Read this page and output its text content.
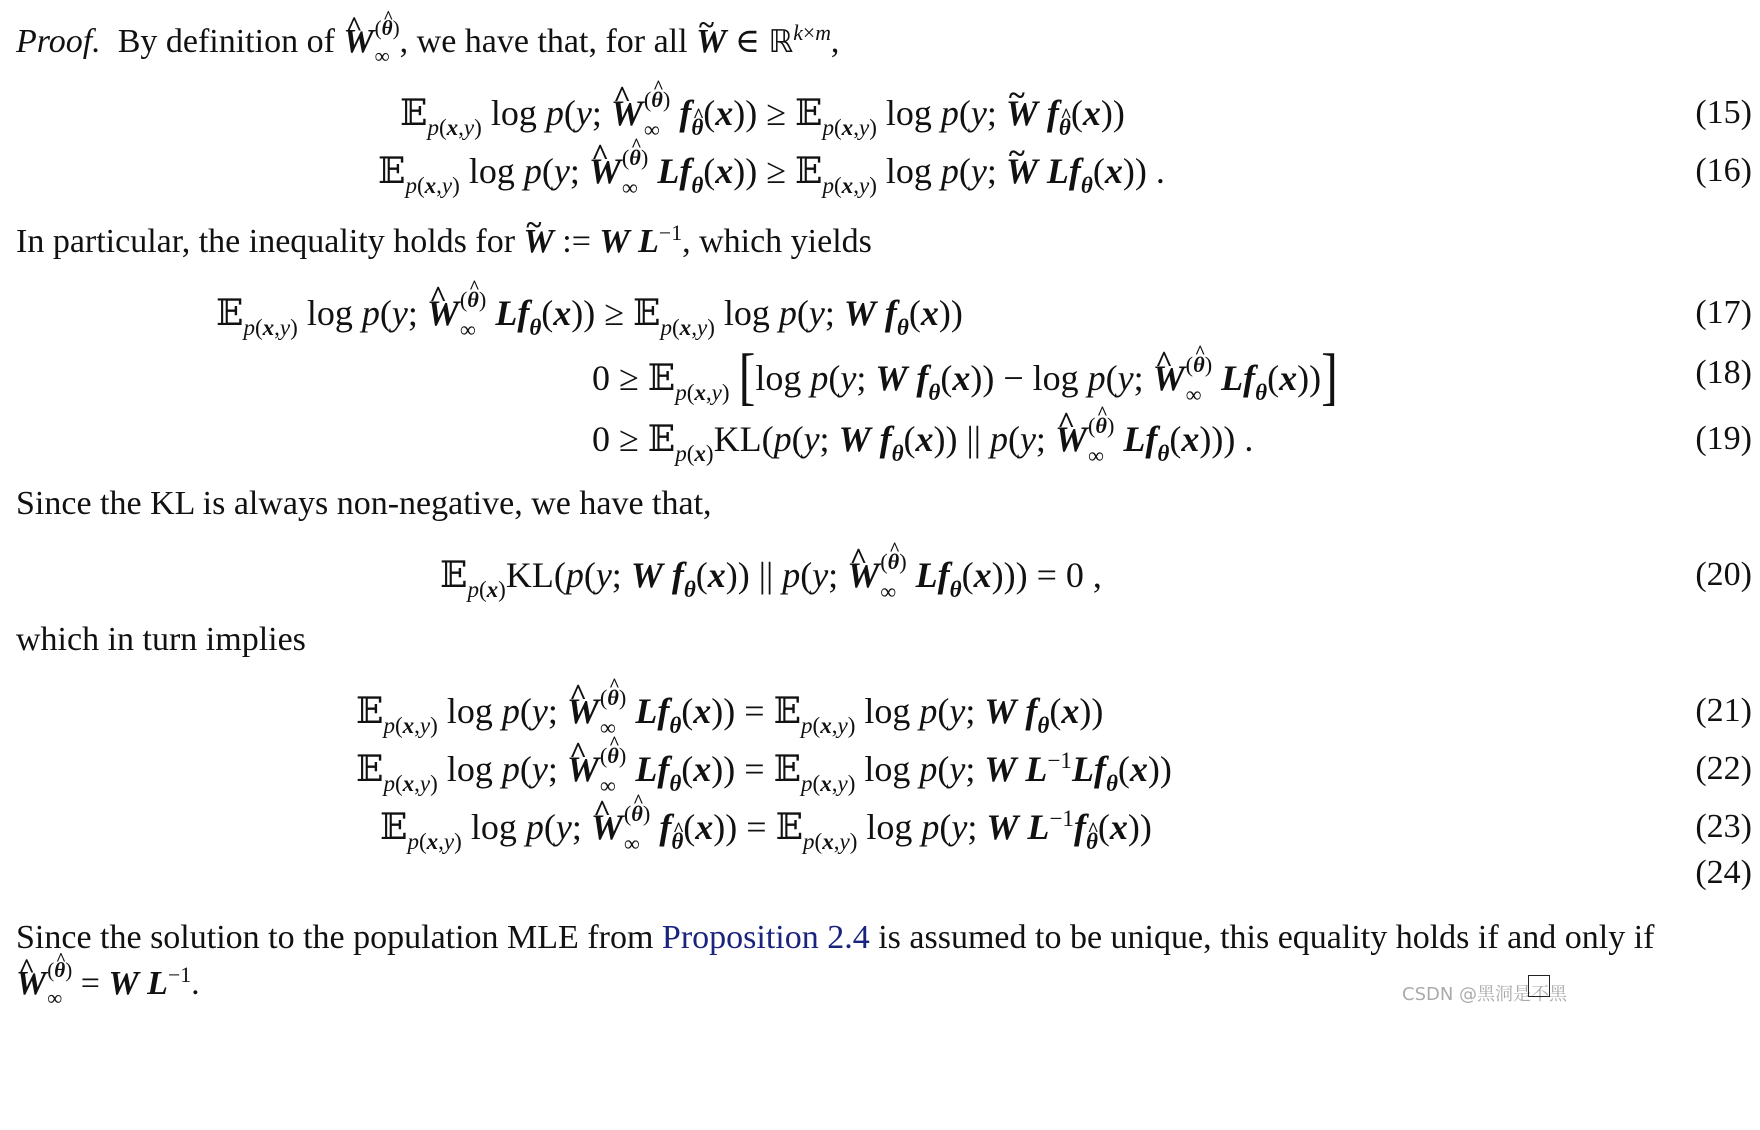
Proof. By definition of ^ W (^ θ)
∞ , we have that, for all ~ W ∈ ℝ$^{k\times m}$,
𝔼$_{p(x,y)}$ log p(y; ^ W (^ θ)
∞ $f_\theta(x)$) ≥ 𝔼$_{p(x,y)}$ log p(y; ~ W $f_\theta(x)$)	(15)
𝔼$_{p(x,y)}$ log p(y; ^ W (^ θ)
∞ $Lf_\theta(x)$) ≥ 𝔼$_{p(x,y)}$ log p(y; ~ W $Lf_\theta(x)$) .	(16)
In particular, the inequality holds for ~ W := W $L^{-1}$, which yields
𝔼$_{p(x,y)}$ log p(y; ^ W (^ θ)
∞ $Lf_\theta(x)$) ≥ 𝔼$_{p(x,y)}$ log p(y; W $f_\theta(x)$)	(17)
0 ≥ 𝔼$_{p(x,y)}$ [log p(y; W $f_\theta(x)) - \log p(y$; ^ W (^ θ)
∞ $Lf_\theta(x)$)]	(18)
0 ≥ 𝔼$_{p(x)}$KL(p(y; W $f_\theta(x)$) || p(y; ^ W (^ θ)
∞ $Lf_\theta(x)$)) .	(19)
Since the KL is always non-negative, we have that,
𝔼$_{p(x)}$KL(p(y; W $f_\theta(x)$) || p(y; ^ W (^ θ)
∞ $Lf_\theta(x))) = 0$ ,	(20)
which in turn implies
𝔼$_{p(x,y)}$ log p(y; ^ W (^ θ)
∞ $Lf_\theta(x)$) = 𝔼$_{p(x,y)}$ log p(y; W $f_\theta(x)$)	(21)
𝔼$_{p(x,y)}$ log p(y; ^ W (^ θ)
∞ $Lf_\theta(x)$) = 𝔼$_{p(x,y)}$ log p(y; W $L^{-1}Lf_\theta(x)$)	(22)
𝔼$_{p(x,y)}$ log p(y; ^ W (^ θ)
∞ $f_\theta(x)$) = 𝔼$_{p(x,y)}$ log p(y; W $L^{-1}f_\theta(x)$)	(23)
(24)
Since the solution to the population MLE from Proposition 2.4 is assumed to be unique, this equality holds if and only if
^ W (^ θ)
∞ = W $L^{-1}$.	CSDN @黑洞是不黑
